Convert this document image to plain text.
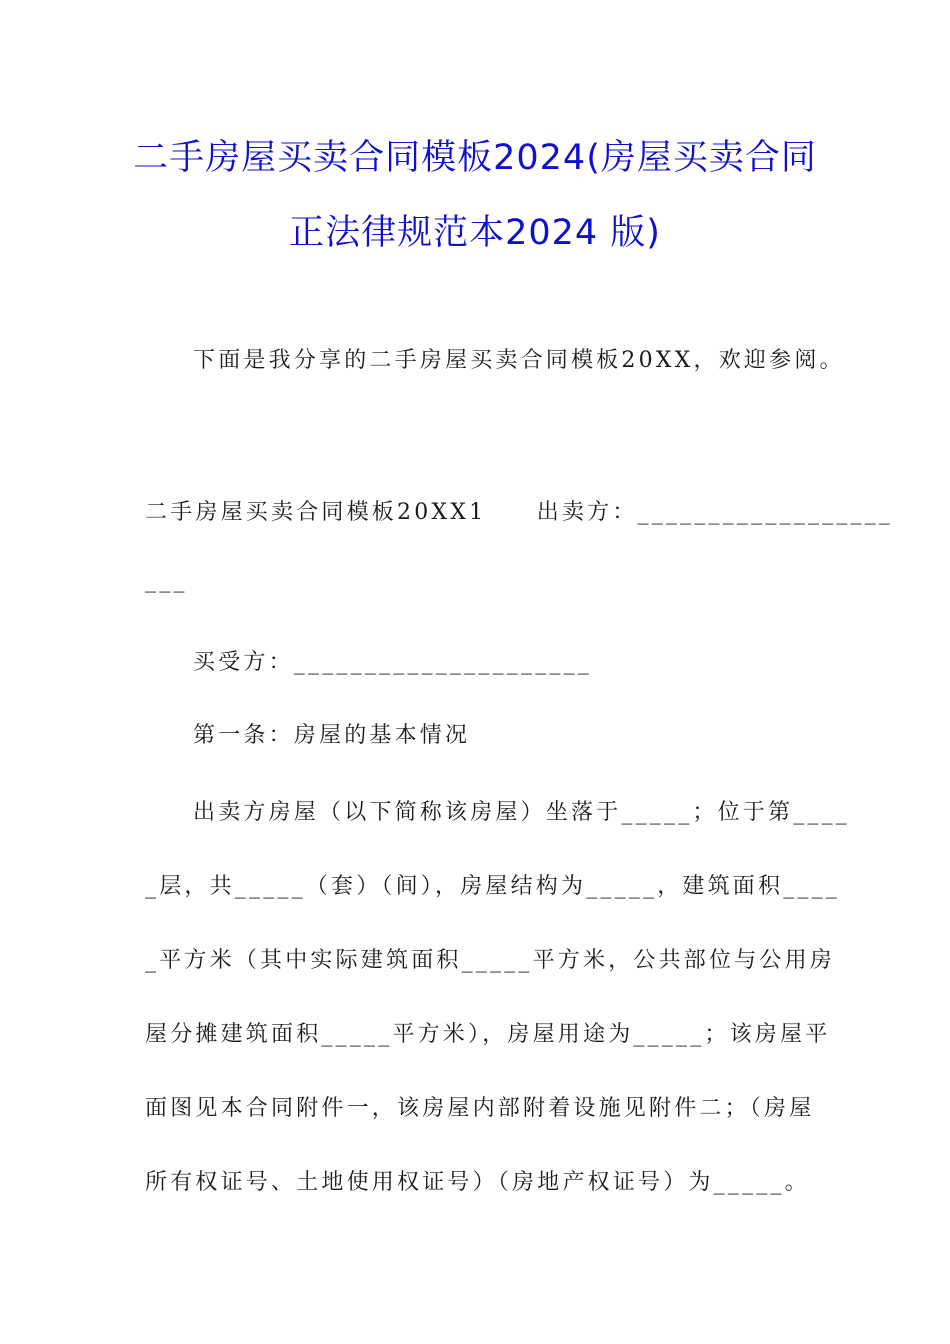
二手房屋买卖合同模板2024(房屋买卖合同
正法律规范本2024 版)
下面是我分享的二手房屋买卖合同模板20XX，欢迎参阅。
二手房屋买卖合同模板20XX1　　出卖方：__________________
___
买受方：_____________________
第一条：房屋的基本情况
出卖方房屋（以下简称该房屋）坐落于_____；位于第____
_层，共_____（套）（间），房屋结构为_____，建筑面积____
_平方米（其中实际建筑面积_____平方米，公共部位与公用房
屋分摊建筑面积_____平方米），房屋用途为_____；该房屋平
面图见本合同附件一，该房屋内部附着设施见附件二；（房屋
所有权证号、土地使用权证号）（房地产权证号）为_____。
